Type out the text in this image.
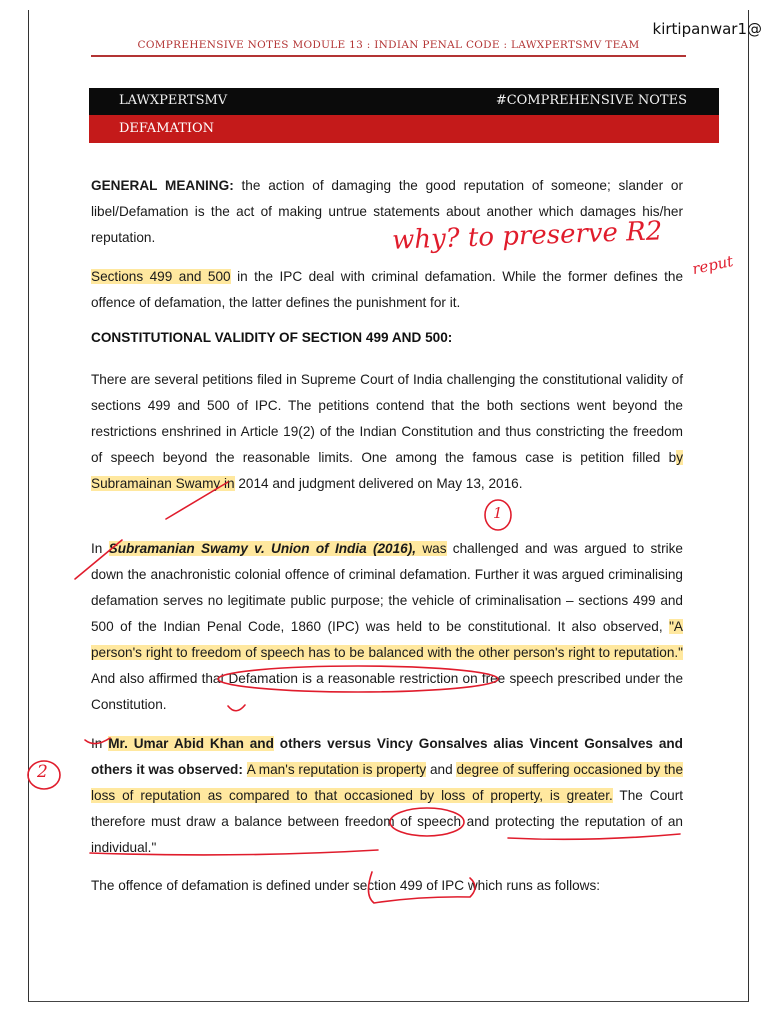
COMPREHENSIVE NOTES MODULE 13 : INDIAN PENAL CODE : LAWXPERTSMV TEAM
LAWXPERTSMV	#COMPREHENSIVE NOTES
DEFAMATION
kirtipanwar1@
GENERAL MEANING: the action of damaging the good reputation of someone; slander or libel/Defamation is the act of making untrue statements about another which damages his/her reputation.
Sections 499 and 500 in the IPC deal with criminal defamation. While the former defines the offence of defamation, the latter defines the punishment for it.
CONSTITUTIONAL VALIDITY OF SECTION 499 AND 500:
There are several petitions filed in Supreme Court of India challenging the constitutional validity of sections 499 and 500 of IPC. The petitions contend that the both sections went beyond the restrictions enshrined in Article 19(2) of the Indian Constitution and thus constricting the freedom of speech beyond the reasonable limits. One among the famous case is petition filled by Subramainan Swamy in 2014 and judgment delivered on May 13, 2016.
In Subramanian Swamy v. Union of India (2016), was challenged and was argued to strike down the anachronistic colonial offence of criminal defamation. Further it was argued criminalising defamation serves no legitimate public purpose; the vehicle of criminalisation – sections 499 and 500 of the Indian Penal Code, 1860 (IPC) was held to be constitutional. It also observed, "A person's right to freedom of speech has to be balanced with the other person's right to reputation." And also affirmed that Defamation is a reasonable restriction on free speech prescribed under the Constitution.
In Mr. Umar Abid Khan and others versus Vincy Gonsalves alias Vincent Gonsalves and others it was observed: A man's reputation is property and degree of suffering occasioned by the loss of reputation as compared to that occasioned by loss of property, is greater. The Court therefore must draw a balance between freedom of speech and protecting the reputation of an individual."
The offence of defamation is defined under section 499 of IPC which runs as follows:
why? to preserve R2
reput
1
2
